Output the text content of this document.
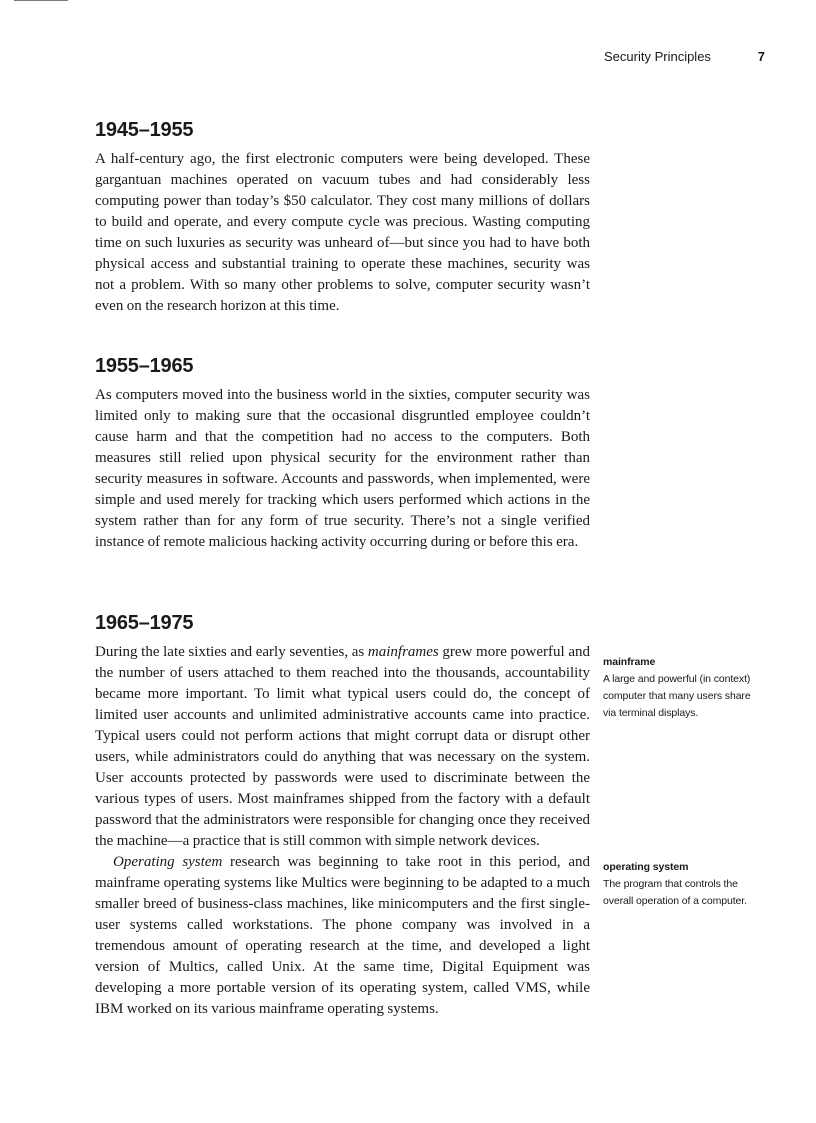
Security Principles	7
1945–1955

A half-century ago, the first electronic computers were being developed. These gargantuan machines operated on vacuum tubes and had considerably less computing power than today’s $50 calculator. They cost many millions of dollars to build and operate, and every compute cycle was precious. Wasting computing time on such luxuries as security was unheard of—but since you had to have both physical access and substantial training to operate these machines, security was not a problem. With so many other problems to solve, computer security wasn’t even on the research horizon at this time.

1955–1965

As computers moved into the business world in the sixties, computer security was limited only to making sure that the occasional disgruntled employee couldn’t cause harm and that the competition had no access to the computers. Both measures still relied upon physical security for the environment rather than security measures in software. Accounts and passwords, when implemented, were simple and used merely for tracking which users performed which actions in the system rather than for any form of true security. There’s not a single verified instance of remote malicious hacking activity occurring during or before this era.

1965–1975

During the late sixties and early seventies, as mainframes grew more powerful and the number of users attached to them reached into the thousands, accountability became more important. To limit what typical users could do, the concept of limited user accounts and unlimited administrative accounts came into practice. Typical users could not perform actions that might corrupt data or disrupt other users, while administrators could do anything that was necessary on the system. User accounts protected by passwords were used to discriminate between the various types of users. Most mainframes shipped from the factory with a default password that the administrators were responsible for changing once they received the machine—a practice that is still common with simple network devices.

Operating system research was beginning to take root in this period, and mainframe operating systems like Multics were beginning to be adapted to a much smaller breed of business-class machines, like minicomputers and the first single-user systems called workstations. The phone company was involved in a tremendous amount of operating research at the time, and developed a light version of Multics, called Unix. At the same time, Digital Equipment was developing a more portable version of its operating system, called VMS, while IBM worked on its various mainframe operating systems.

mainframe
A large and powerful (in context) computer that many users share via terminal displays.
operating system
The program that controls the overall operation of a computer.
